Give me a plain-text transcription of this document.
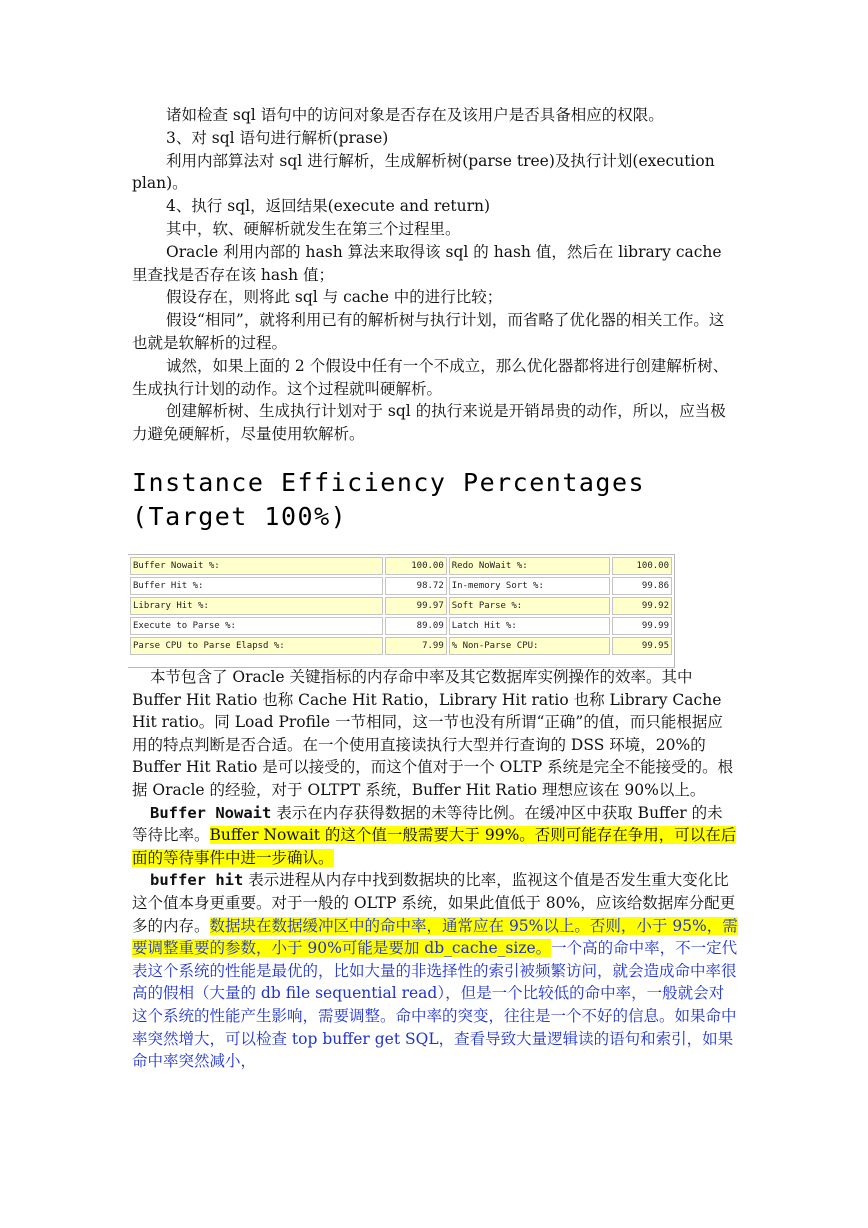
诸如检查 sql 语句中的访问对象是否存在及该用户是否具备相应的权限。

3、对 sql 语句进行解析(prase)

利用内部算法对 sql 进行解析，生成解析树(parse tree)及执行计划(execution plan)。

4、执行 sql，返回结果(execute and return)

其中，软、硬解析就发生在第三个过程里。

Oracle 利用内部的 hash 算法来取得该 sql 的 hash 值，然后在 library cache 里查找是否存在该 hash 值；

假设存在，则将此 sql 与 cache 中的进行比较；

假设“相同”，就将利用已有的解析树与执行计划，而省略了优化器的相关工作。这也就是软解析的过程。

诚然，如果上面的 2 个假设中任有一个不成立，那么优化器都将进行创建解析树、生成执行计划的动作。这个过程就叫硬解析。

创建解析树、生成执行计划对于 sql 的执行来说是开销昂贵的动作，所以，应当极力避免硬解析，尽量使用软解析。

Instance Efficiency Percentages (Target 100%)
Buffer Nowait %:	100.00	Redo NoWait %:	100.00
Buffer Hit %:	98.72	In-memory Sort %:	99.86
Library Hit %:	99.97	Soft Parse %:	99.92
Execute to Parse %:	89.09	Latch Hit %:	99.99
Parse CPU to Parse Elapsd %:	7.99	% Non-Parse CPU:	99.95

本节包含了 Oracle 关键指标的内存命中率及其它数据库实例操作的效率。其中 Buffer Hit Ratio 也称 Cache Hit Ratio，Library Hit ratio 也称 Library Cache Hit ratio。同 Load Profile 一节相同，这一节也没有所谓“正确”的值，而只能根据应用的特点判断是否合适。在一个使用直接读执行大型并行查询的 DSS 环境，20%的 Buffer Hit Ratio 是可以接受的，而这个值对于一个 OLTP 系统是完全不能接受的。根据 Oracle 的经验，对于 OLTPT 系统，Buffer Hit Ratio 理想应该在 90%以上。

Buffer Nowait 表示在内存获得数据的未等待比例。在缓冲区中获取 Buffer 的未等待比率。Buffer Nowait 的这个值一般需要大于 99%。否则可能存在争用，可以在后面的等待事件中进一步确认。

buffer hit 表示进程从内存中找到数据块的比率，监视这个值是否发生重大变化比这个值本身更重要。对于一般的 OLTP 系统，如果此值低于 80%，应该给数据库分配更多的内存。数据块在数据缓冲区中的命中率，通常应在 95%以上。否则，小于 95%，需要调整重要的参数，小于 90%可能是要加 db_cache_size。一个高的命中率，不一定代表这个系统的性能是最优的，比如大量的非选择性的索引被频繁访问，就会造成命中率很高的假相（大量的 db file sequential read），但是一个比较低的命中率，一般就会对这个系统的性能产生影响，需要调整。命中率的突变，往往是一个不好的信息。如果命中率突然增大，可以检查 top buffer get SQL，查看导致大量逻辑读的语句和索引，如果命中率突然减小，
